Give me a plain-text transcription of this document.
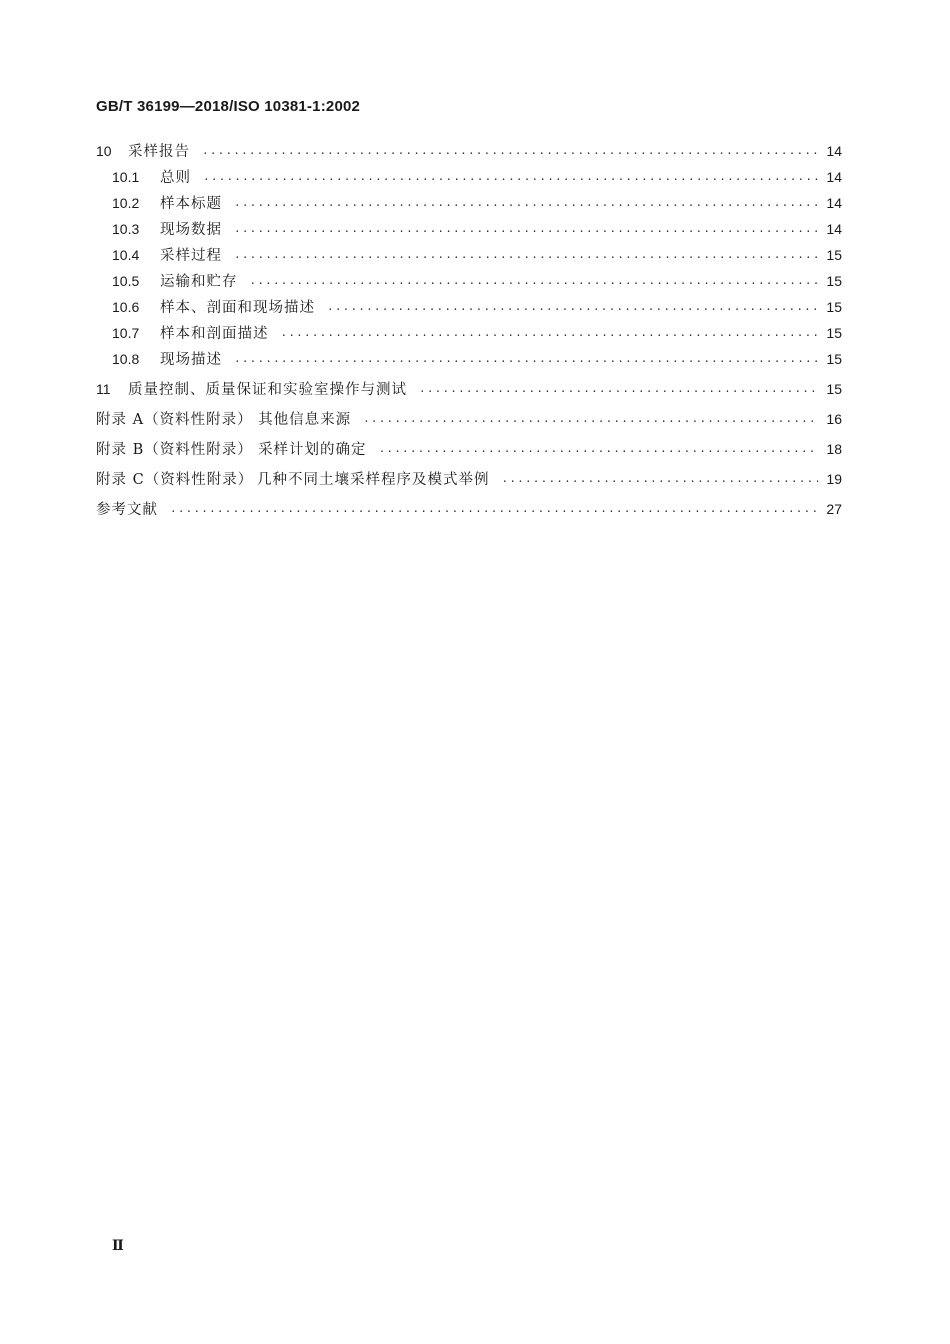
GB/T 36199—2018/ISO 10381-1:2002
10	采样报告 .....	14
10.1	总则 .....	14
10.2	样本标题 .....	14
10.3	现场数据 .....	14
10.4	采样过程 .....	15
10.5	运输和贮存 .....	15
10.6	样本、剖面和现场描述 .....	15
10.7	样本和剖面描述 .....	15
10.8	现场描述 .....	15
11	质量控制、质量保证和实验室操作与测试 .....	15
附录 A（资料性附录） 其他信息来源 .....	16
附录 B（资料性附录） 采样计划的确定 .....	18
附录 C（资料性附录） 几种不同土壤采样程序及模式举例 .....	19
参考文献 .....	27
Ⅱ
